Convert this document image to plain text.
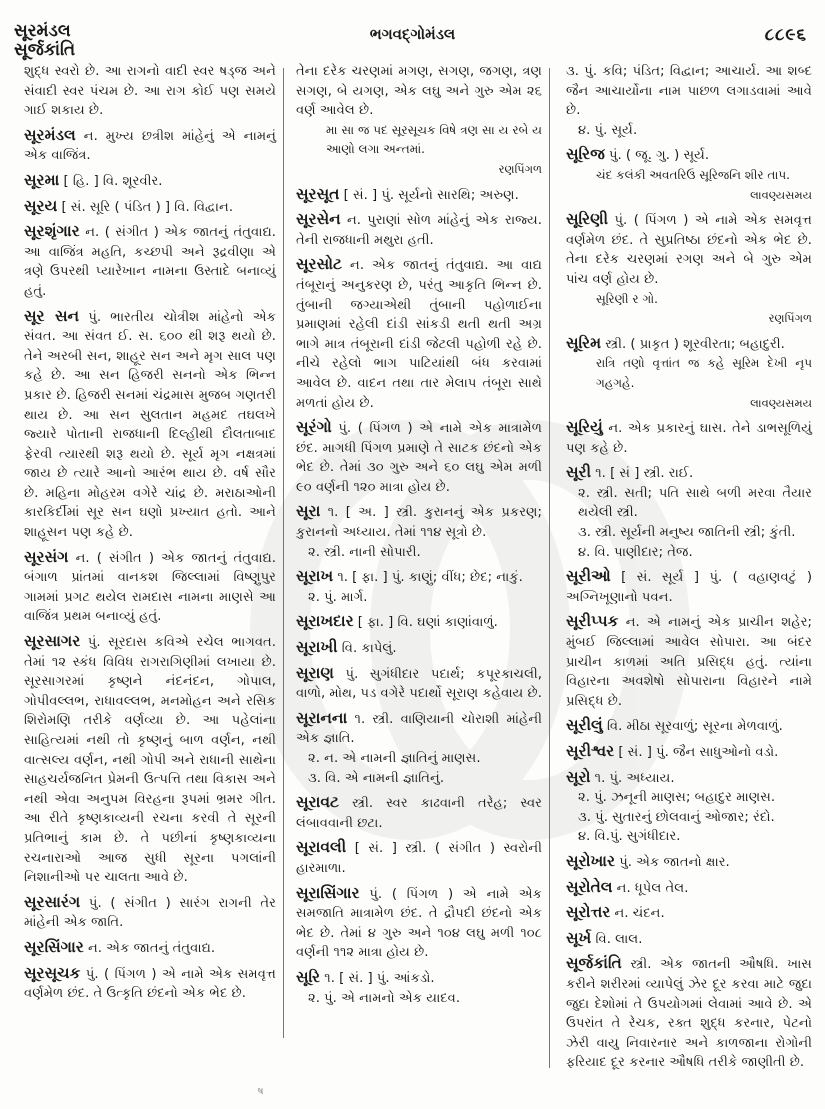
સૂરમંડલ
સૂર્જકાંતિ
ભગવદ્ગોમંડલ	૮૮૯૬
શુદ્ધ સ્વરો છે. આ રાગનો વાદી સ્વર ષડ્જ અને સંવાદી સ્વર પંચમ છે. આ રાગ કોઈ પણ સમયે ગાઈ શકાય છે.
સૂરમંડલ ન. મુખ્ય છત્રીશ માંહેનું એ નામનું એક વાજિંત્ર.
સૂરમા [ હિ. ] વિ. શૂરવીર.
સૂરય [ સં. સૂરિ ( પંડિત ) ] વિ. વિદ્વાન.
સૂરશૃંગાર ન. ( સંગીત ) એક જાતનું તંતુવાદ્ય. આ વાજિંત્ર મહતિ, કચ્છપી અને રૂદ્રવીણા એ ત્રણે ઉપરથી પ્યારેખાન નામના ઉસ્તાદે બનાવ્યું હતું.
સૂર સન પું. ભારતીય ચોત્રીશ માંહેનો એક સંવત. આ સંવત ઈ. સ. ૬૦૦ થી શરૂ થયો છે. તેને અરબી સન, શાહૂર સન અને મૃગ સાલ પણ કહે છે. આ સન હિજરી સનનો એક ભિન્ન પ્રકાર છે. હિજરી સનમાં ચંદ્રમાસ મુજબ ગણતરી થાય છે. આ સન સુલતાન મહમદ તઘલખે જ્યારે પોતાની રાજધાની દિલ્હીથી દૌલતાબાદ ફેરવી ત્યારથી શરૂ થયો છે. સૂર્ય મૃગ નક્ષત્રમાં જાય છે ત્યારે આનો આરંભ થાય છે. વર્ષ સૌર છે. મહિના મોહરમ વગેરે ચાંદ્ર છે. મરાઠાઓની કારકિર્દીમાં સૂર સન ઘણો પ્રખ્યાત હતો. આને શાહૂસન પણ કહે છે.
સૂરસંગ ન. ( સંગીત ) એક જાતનું તંતુવાદ્ય. બંગાળ પ્રાંતમાં વાનકશ જિલ્લામાં વિષ્ણુપુર ગામમાં પ્રગટ થયેલ રામદાસ નામના માણસે આ વાજિંત્ર પ્રથમ બનાવ્યું હતું.
સૂરસાગર પું. સૂરદાસ કવિએ રચેલ ભાગવત. તેમાં ૧૨ સ્કંધ વિવિધ રાગરાગિણીમાં લખાયા છે. સૂરસાગરમાં કૃષ્ણને નંદનંદન, ગોપાલ, ગોપીવલ્લભ, રાધાવલ્લભ, મનમોહન અને રસિક શિરોમણિ તરીકે વર્ણવ્યા છે. આ પહેલાંના સાહિત્યમાં નથી તો કૃષ્ણનું બાળ વર્ણન, નથી વાત્સલ્ય વર્ણન, નથી ગોપી અને રાધાની સાથેના સાહચર્યજનિત પ્રેમની ઉત્પત્તિ તથા વિકાસ અને નથી એવા અનુપમ વિરહના રૂપમાં ભ્રમર ગીત. આ રીતે કૃષ્ણકાવ્યની રચના કરવી તે સૂરની પ્રતિભાનું કામ છે. તે પછીનાં કૃષ્ણકાવ્યના રચનારાઓ આજ સુધી સૂરના પગલાંની નિશાનીઓ પર ચાલતા આવે છે.
સૂરસારંગ પું. ( સંગીત ) સારંગ રાગની તેર માંહેની એક જાતિ.
સૂરસિંગાર ન. એક જાતનું તંતુવાદ્ય.
સૂરસૂચક પું. ( પિંગળ ) એ નામે એક સમવૃત્ત વર્ણમેળ છંદ. તે ઉત્કૃતિ છંદનો એક ભેદ છે.
તેના દરેક ચરણમાં મગણ, સગણ, જગણ, ત્રણ સગણ, બે યગણ, એક લઘુ અને ગુરુ એમ ૨૬ વર્ણ આવેલ છે.
મા સા જ પદ સૂરસૂચક વિષે ત્રણ સા ય રબે ય આણો લગા અન્તમાં.
રણપિંગળ
સૂરસૂત [ સં. ] પું. સૂર્યનો સારથિ; અરુણ.
સૂરસેન ન. પુરાણાં સોળ માંહેનું એક રાજ્ય. તેની રાજધાની મથુરા હતી.
સૂરસોટ ન. એક જાતનું તંતુવાદ્ય. આ વાદ્ય તંબૂરાનું અનુકરણ છે, પરંતુ આકૃતિ ભિન્ન છે. તુંબાની જગ્યાએથી તુંબાની પહોળાઈના પ્રમાણમાં રહેલી દાંડી સાંકડી થતી થતી અગ્ર ભાગે માત્ર તંબૂરાની દાંડી જેટલી પહોળી રહે છે. નીચે રહેલો ભાગ પાટિયાંથી બંધ કરવામાં આવેલ છે. વાદન તથા તાર મેલાપ તંબૂરા સાથે મળતાં હોય છે.
સૂરંગો પું. ( પિંગળ ) એ નામે એક માત્રામેળ છંદ. માગધી પિંગળ પ્રમાણે તે સાટક છંદનો એક ભેદ છે. તેમાં ૩૦ ગુરુ અને ૬૦ લઘુ એમ મળી ૯૦ વર્ણની ૧૨૦ માત્રા હોય છે.
સૂરા ૧. [ અ. ] સ્ત્રી. કુરાનનું એક પ્રકરણ; કુરાનનો અધ્યાય. તેમાં ૧૧૪ સૂત્રો છે.
૨. સ્ત્રી. નાની સોપારી.
સૂરાખ ૧. [ ફા. ] પું. કાણું; વીંધ; છેદ; નાકું.
૨. પું. માર્ગ.
સૂરાખદાર [ ફા. ] વિ. ઘણાં કાણાંવાળું.
સૂરાખી વિ. કાપેલું.
સૂરાણ પું. સુગંધીદાર પદાર્થ; કપૂરકાચલી, વાળો, મોથ, પડ વગેરે પદાર્થો સૂરાણ કહેવાય છે.
સૂરાનના ૧. સ્ત્રી. વાણિયાની ચોરાશી માંહેની એક જ્ઞાતિ.
૨. ન. એ નામની જ્ઞાતિનું માણસ.
૩. વિ. એ નામની જ્ઞાતિનું.
સૂરાવટ સ્ત્રી. સ્વર કાઢવાની તરેહ; સ્વર લંબાવવાની છટા.
સૂરાવલી [ સં. ] સ્ત્રી. ( સંગીત ) સ્વરોની હારમાળા.
સૂરાસિંગાર પું. ( પિંગળ ) એ નામે એક સમજાતિ માત્રામેળ છંદ. તે દ્રૌપદી છંદનો એક ભેદ છે. તેમાં ૪ ગુરુ અને ૧૦૪ લઘુ મળી ૧૦૮ વર્ણની ૧૧૨ માત્રા હોય છે.
સૂરિ ૧. [ સં. ] પું. આંકડો.
૨. પું. એ નામનો એક યાદવ.
૩. પું. કવિ; પંડિત; વિદ્વાન; આચાર્ય. આ શબ્દ જૈન આચાર્યોના નામ પાછળ લગાડવામાં આવે છે.
૪. પું. સૂર્ય.
સૂરિજ પું. ( જૂ. ગુ. ) સૂર્ય.
ચંદ કલંકી અવતરિઉ સૂરિજનિ શીર તાપ.
લાવણ્યસમય
સૂરિણી પું. ( પિંગળ ) એ નામે એક સમવૃત્ત વર્ણમેળ છંદ. તે સુપ્રતિષ્ઠા છંદનો એક ભેદ છે. તેના દરેક ચરણમાં રગણ અને બે ગુરુ એમ પાંચ વર્ણ હોય છે.
સૂરિણી ર ગો.
રણપિંગળ
સૂરિમ સ્ત્રી. ( પ્રાકૃત ) શૂરવીરતા; બહાદુરી.
રાત્રિ તણો વૃત્તાંત જ કહે સૂરિમ દેખી નૃપ ગહગહે.
લાવણ્યસમય
સૂરિયું ન. એક પ્રકારનું ઘાસ. તેને ડાભસૂળિયું પણ કહે છે.
સૂરી ૧. [ સં ] સ્ત્રી. રાઈ.
૨. સ્ત્રી. સતી; પતિ સાથે બળી મરવા તૈયાર થયેલી સ્ત્રી.
૩. સ્ત્રી. સૂર્યની મનુષ્ય જાતિની સ્ત્રી; કુંતી.
૪. વિ. પાણીદાર; તેજ.
સૂરીઓ [ સં. સૂર્ય ] પું. ( વહાણવટું ) અગ્નિખૂણાનો પવન.
સૂરીપ્પક ન. એ નામનું એક પ્રાચીન શહેર; મુંબઈ જિલ્લામાં આવેલ સોપારા. આ બંદર પ્રાચીન કાળમાં અતિ પ્રસિદ્ધ હતું. ત્યાંના વિહારના અવશેષો સોપારાના વિહારને નામે પ્રસિદ્ધ છે.
સૂરીલું વિ. મીઠા સૂરવાળું; સૂરના મેળવાળું.
સૂરીશ્વર [ સં. ] પું. જૈન સાધુઓનો વડો.
સૂરો ૧. પું. અધ્યાય.
૨. પું. ઝનૂની માણસ; બહાદુર માણસ.
૩. પું. સુતારનું છોલવાનું ઓજાર; રંદો.
૪. વિ.પું. સુગંધીદાર.
સૂરોખાર પું. એક જાતનો ક્ષાર.
સૂરોતેલ ન. ધૂપેલ તેલ.
સૂરોત્તર ન. ચંદન.
સૂર્ખ વિ. લાલ.
સૂર્જકાંતિ સ્ત્રી. એક જાતની ઔષધિ. ખાસ કરીને શરીરમાં વ્યાપેલું ઝેર દૂર કરવા માટે જુદા જુદા દેશોમાં તે ઉપયોગમાં લેવામાં આવે છે. એ ઉપરાંત તે રેચક, રક્ત શુદ્ધ કરનાર, પેટનો ઝેરી વાયુ નિવારનાર અને કાળજાના રોગોની ફરિયાદ દૂર કરનાર ઔષધિ તરીકે જાણીતી છે.
ષ
